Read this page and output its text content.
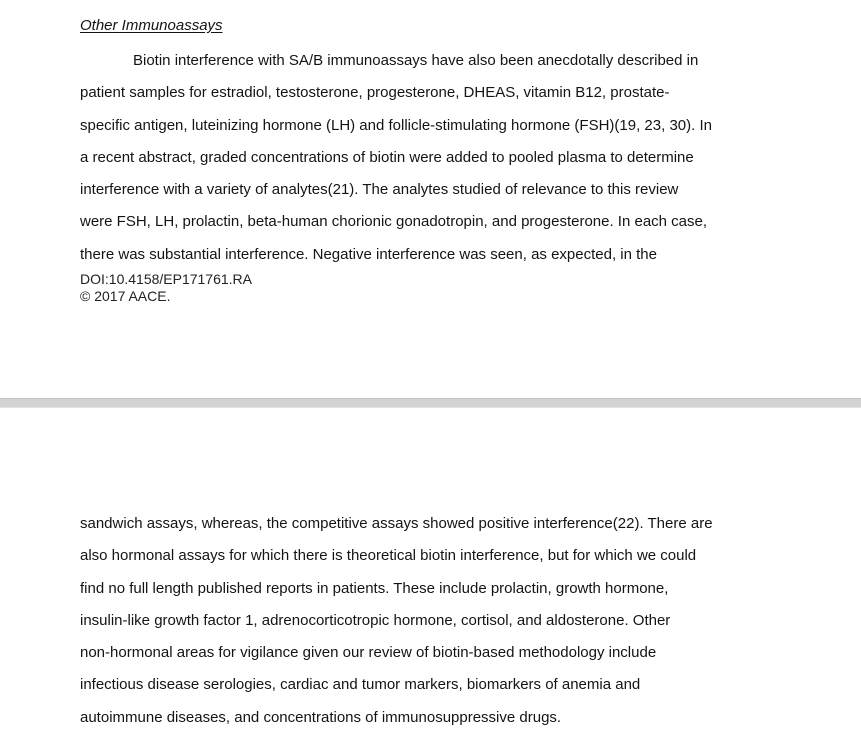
Other Immunoassays
Biotin interference with SA/B immunoassays have also been anecdotally described in
patient samples for estradiol, testosterone, progesterone, DHEAS, vitamin B12, prostate-
specific antigen, luteinizing hormone (LH) and follicle-stimulating hormone (FSH)(19, 23, 30). In
a recent abstract, graded concentrations of biotin were added to pooled plasma to determine
interference with a variety of analytes(21). The analytes studied of relevance to this review
were FSH, LH, prolactin, beta-human chorionic gonadotropin, and progesterone. In each case,
there was substantial interference. Negative interference was seen, as expected, in the
DOI:10.4158/EP171761.RA
© 2017 AACE.
sandwich assays, whereas, the competitive assays showed positive interference(22). There are
also hormonal assays for which there is theoretical biotin interference, but for which we could
find no full length published reports in patients. These include prolactin, growth hormone,
insulin-like growth factor 1, adrenocorticotropic hormone, cortisol, and aldosterone. Other
non-hormonal areas for vigilance given our review of biotin-based methodology include
infectious disease serologies, cardiac and tumor markers, biomarkers of anemia and
autoimmune diseases, and concentrations of immunosuppressive drugs.
